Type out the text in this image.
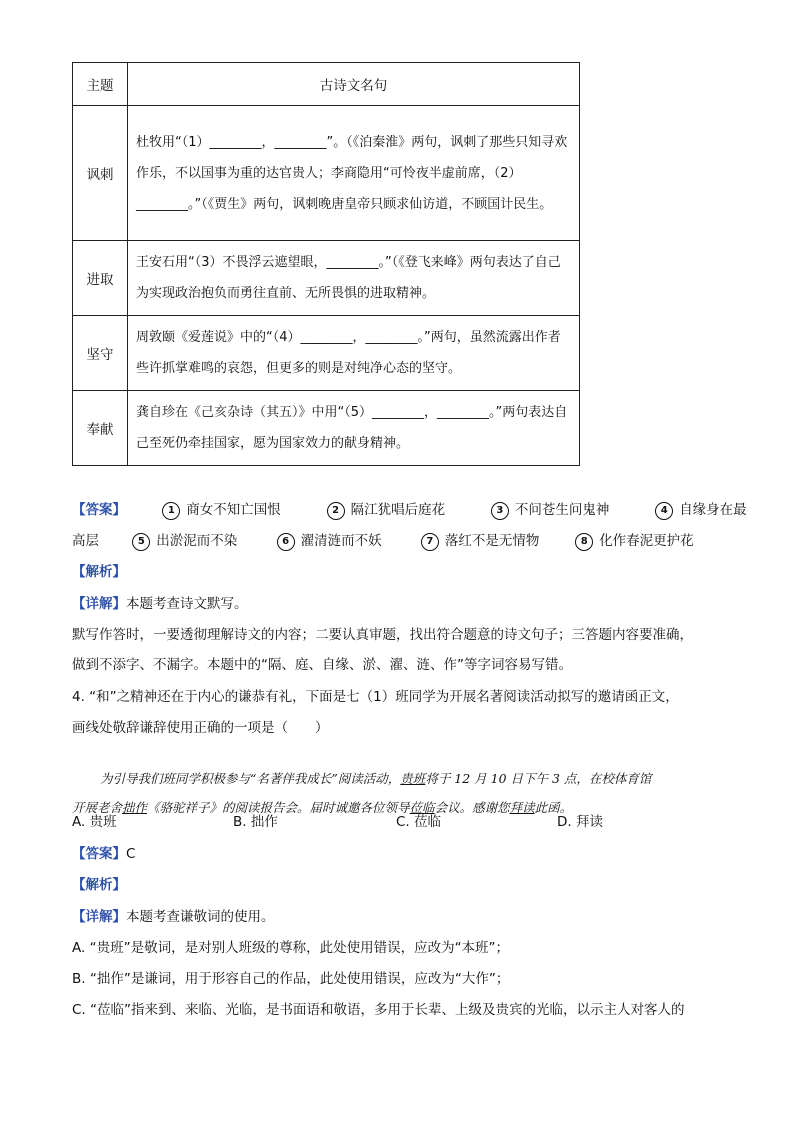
主题	古诗文名句
讽刺	杜牧用“（1）________，________”。（《泊秦淮》两句，讽刺了那些只知寻欢作乐，不以国事为重的达官贵人；李商隐用“可怜夜半虚前席，（2）________。”（《贾生》两句，讽刺晚唐皇帝只顾求仙访道，不顾国计民生。
进取	王安石用“（3）不畏浮云遮望眼，________。”（《登飞来峰》两句表达了自己为实现政治抱负而勇往直前、无所畏惧的进取精神。
坚守	周敦颐《爱莲说》中的“（4）________，________。”两句，虽然流露出作者些许抓掌难鸣的哀怨，但更多的则是对纯净心态的坚守。
奉献	龚自珍在《己亥杂诗（其五）》中用“（5）________，________。”两句表达自己至死仍牵挂国家，愿为国家效力的献身精神。
【答案】	1 商女不知亡国恨	2 隔江犹唱后庭花	3 不问苍生问鬼神	4 自缘身在最
高层	5 出淤泥而不染	6 濯清涟而不妖	7 落红不是无情物	8 化作春泥更护花
【解析】
【详解】本题考查诗文默写。
默写作答时，一要透彻理解诗文的内容；二要认真审题，找出符合题意的诗文句子；三答题内容要准确，
做到不添字、不漏字。本题中的“隔、庭、自缘、淤、濯、涟、作”等字词容易写错。
4. “和”之精神还在于内心的谦恭有礼，下面是七（1）班同学为开展名著阅读活动拟写的邀请函正文，
画线处敬辞谦辞使用正确的一项是（　　）
为引导我们班同学积极参与“名著伴我成长”阅读活动，贵班将于 12 月 10 日下午 3 点，在校体育馆
开展老舍拙作《骆驼祥子》的阅读报告会。届时诚邀各位领导莅临会议。感谢您拜读此函。
A. 贵班	B. 拙作	C. 莅临	D. 拜读
【答案】C
【解析】
【详解】本题考查谦敬词的使用。
A. “贵班”是敬词，是对别人班级的尊称，此处使用错误，应改为“本班”；
B. “拙作”是谦词，用于形容自己的作品，此处使用错误，应改为“大作”；
C. “莅临”指来到、来临、光临，是书面语和敬语，多用于长辈、上级及贵宾的光临，以示主人对客人的
